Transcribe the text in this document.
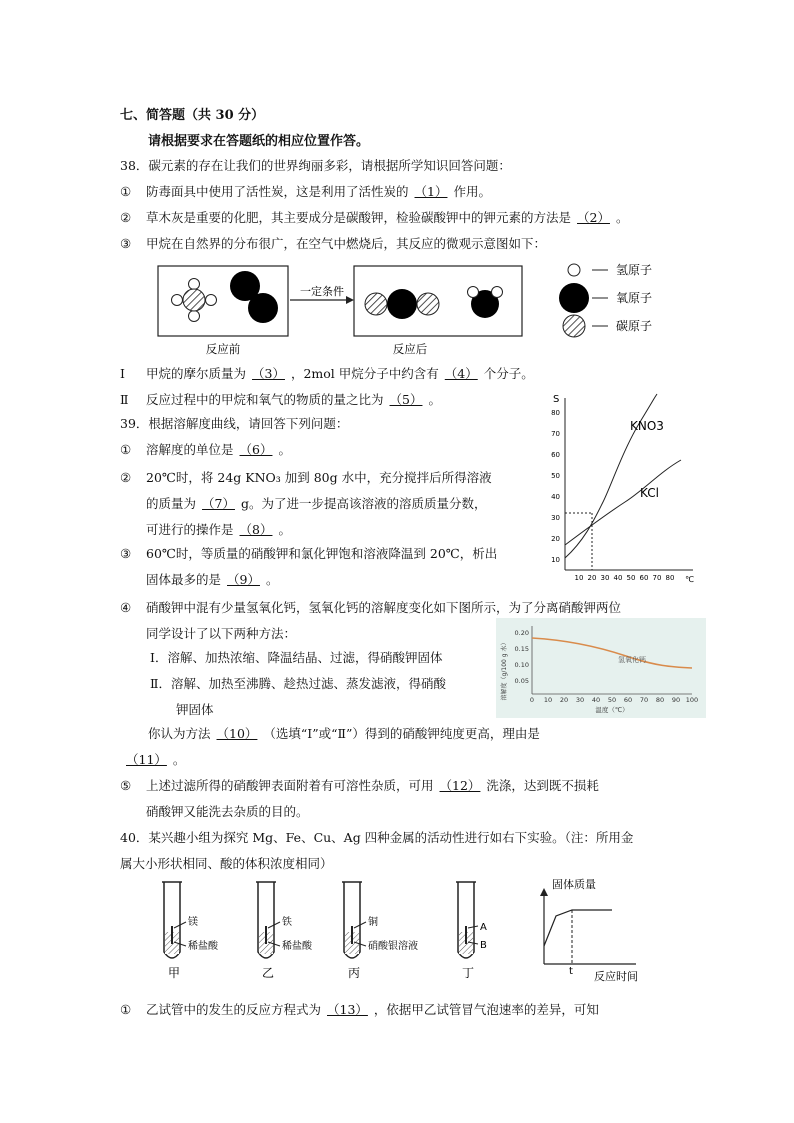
七、简答题（共 30 分）
请根据要求在答题纸的相应位置作答。
38．碳元素的存在让我们的世界绚丽多彩，请根据所学知识回答问题：
① 防毒面具中使用了活性炭，这是利用了活性炭的 （1） 作用。
② 草木灰是重要的化肥，其主要成分是碳酸钾，检验碳酸钾中的钾元素的方法是 （2） 。
③ 甲烷在自然界的分布很广，在空气中燃烧后，其反应的微观示意图如下：
一定条件
反应前	反应后
氢原子
氧原子
碳原子
Ⅰ 甲烷的摩尔质量为 （3） ，2mol 甲烷分子中约含有 （4） 个分子。
Ⅱ 反应过程中的甲烷和氧气的物质的量之比为 （5） 。
39．根据溶解度曲线，请回答下列问题：
① 溶解度的单位是 （6） 。
② 20℃时，将 24g KNO₃ 加到 80g 水中，充分搅拌后所得溶液
的质量为 （7） g。为了进一步提高该溶液的溶质质量分数，
可进行的操作是 （8） 。
③ 60℃时，等质量的硝酸钾和氯化钾饱和溶液降温到 20℃，析出
固体最多的是 （9） 。
S
℃
80
70
60
50
40
30
20
10
10 20 30 40 50 60 70 80
KNO3
KCl
④ 硝酸钾中混有少量氢氧化钙，氢氧化钙的溶解度变化如下图所示，为了分离硝酸钾两位
同学设计了以下两种方法：
Ⅰ．溶解、加热浓缩、降温结晶、过滤，得硝酸钾固体
Ⅱ．溶解、加热至沸腾、趁热过滤、蒸发滤液，得硝酸
钾固体
0.20
0.15
0.10
0.05
0 10 20 30 40 50 60 70 80 90 100
氢氧化钙
溶解度（g/100 g 水）
温度（℃）
你认为方法 （10） （选填“Ⅰ”或“Ⅱ”）得到的硝酸钾纯度更高，理由是
（11） 。
⑤ 上述过滤所得的硝酸钾表面附着有可溶性杂质，可用 （12） 洗涤，达到既不损耗
硝酸钾又能洗去杂质的目的。
40．某兴趣小组为探究 Mg、Fe、Cu、Ag 四种金属的活动性进行如右下实验。（注：所用金
属大小形状相同、酸的体积浓度相同）
镁
稀盐酸
甲
铁
稀盐酸
乙
铜
硝酸银溶液
丙
A
B
丁
固体质量
t 反应时间
① 乙试管中的发生的反应方程式为 （13） ，依据甲乙试管冒气泡速率的差异，可知
